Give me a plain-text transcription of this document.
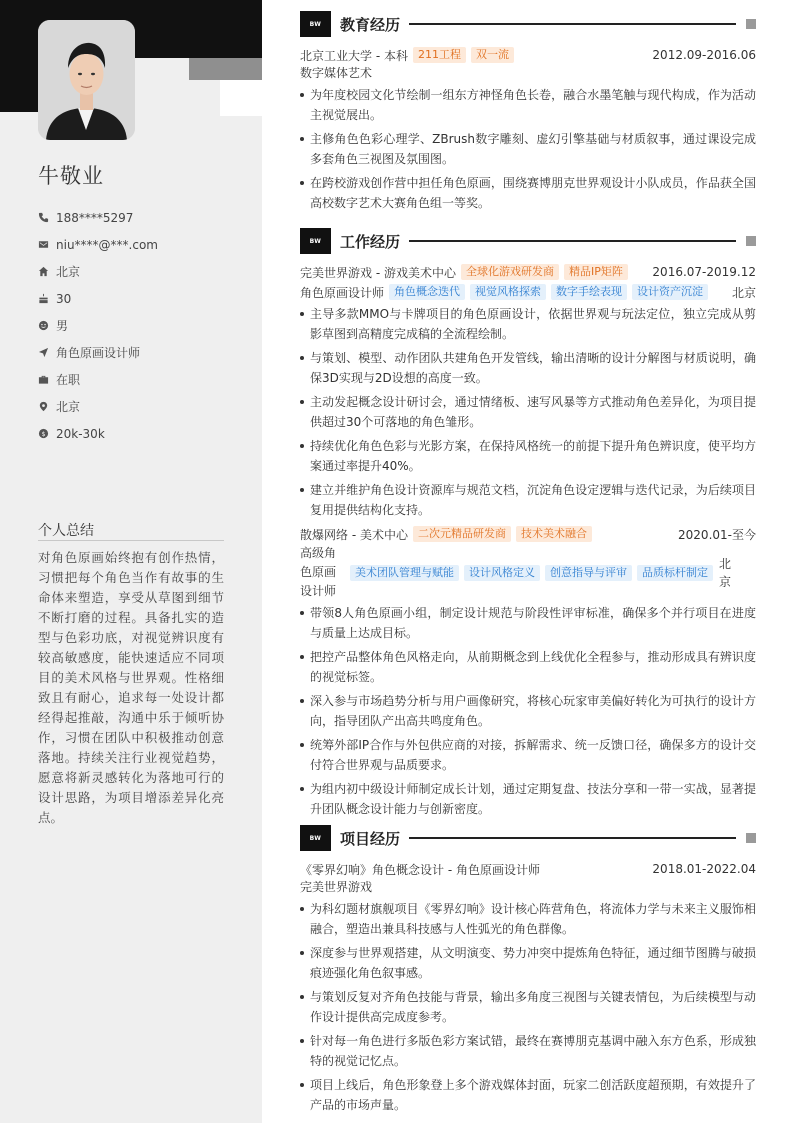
牛敬业
188****5297
niu****@***.com
北京
30
男
角色原画设计师
在职
北京
$ 20k-30k
个人总结
对角色原画始终抱有创作热情，习惯把每个角色当作有故事的生命体来塑造，享受从草图到细节不断打磨的过程。具备扎实的造型与色彩功底，对视觉辨识度有较高敏感度，能快速适应不同项目的美术风格与世界观。性格细致且有耐心，追求每一处设计都经得起推敲，沟通中乐于倾听协作，习惯在团队中积极推动创意落地。持续关注行业视觉趋势，愿意将新灵感转化为落地可行的设计思路，为项目增添差异化亮点。
BW	教育经历
北京工业大学 - 本科 211工程	双一流	2012.09-2016.06
数字媒体艺术
为年度校园文化节绘制一组东方神怪角色长卷，融合水墨笔触与现代构成，作为活动主视觉展出。
主修角色色彩心理学、ZBrush数字雕刻、虚幻引擎基础与材质叙事，通过课设完成多套角色三视图及氛围图。
在跨校游戏创作营中担任角色原画，围绕赛博朋克世界观设计小队成员，作品获全国高校数字艺术大赛角色组一等奖。
BW	工作经历
完美世界游戏 - 游戏美术中心 全球化游戏研发商	精品IP矩阵	2016.07-2019.12
角色原画设计师 角色概念迭代	视觉风格探索	数字手绘表现	设计资产沉淀	北京
主导多款MMO与卡牌项目的角色原画设计，依据世界观与玩法定位，独立完成从剪影草图到高精度完成稿的全流程绘制。
与策划、模型、动作团队共建角色开发管线，输出清晰的设计分解图与材质说明，确保3D实现与2D设想的高度一致。
主动发起概念设计研讨会，通过情绪板、速写风暴等方式推动角色差异化，为项目提供超过30个可落地的角色雏形。
持续优化角色色彩与光影方案，在保持风格统一的前提下提升角色辨识度，使平均方案通过率提升40%。
建立并维护角色设计资源库与规范文档，沉淀角色设定逻辑与迭代记录，为后续项目复用提供结构化支持。
散爆网络 - 美术中心 二次元精品研发商	技术美术融合	2020.01-至今
高级角色原画设计师
美术团队管理与赋能	设计风格定义	创意指导与评审	品质标杆制定
北京
带领8人角色原画小组，制定设计规范与阶段性评审标准，确保多个并行项目在进度与质量上达成目标。
把控产品整体角色风格走向，从前期概念到上线优化全程参与，推动形成具有辨识度的视觉标签。
深入参与市场趋势分析与用户画像研究，将核心玩家审美偏好转化为可执行的设计方向，指导团队产出高共鸣度角色。
统筹外部IP合作与外包供应商的对接，拆解需求、统一反馈口径，确保多方的设计交付符合世界观与品质要求。
为组内初中级设计师制定成长计划，通过定期复盘、技法分享和一带一实战，显著提升团队概念设计能力与创新密度。
BW	项目经历
《零界幻响》角色概念设计 - 角色原画设计师	2018.01-2022.04
完美世界游戏
为科幻题材旗舰项目《零界幻响》设计核心阵营角色，将流体力学与未来主义服饰相融合，塑造出兼具科技感与人性弧光的角色群像。
深度参与世界观搭建，从文明演变、势力冲突中提炼角色特征，通过细节图腾与破损痕迹强化角色叙事感。
与策划反复对齐角色技能与背景，输出多角度三视图与关键表情包，为后续模型与动作设计提供高完成度参考。
针对每一角色进行多版色彩方案试错，最终在赛博朋克基调中融入东方色系，形成独特的视觉记忆点。
项目上线后，角色形象登上多个游戏媒体封面，玩家二创活跃度超预期，有效提升了产品的市场声量。
